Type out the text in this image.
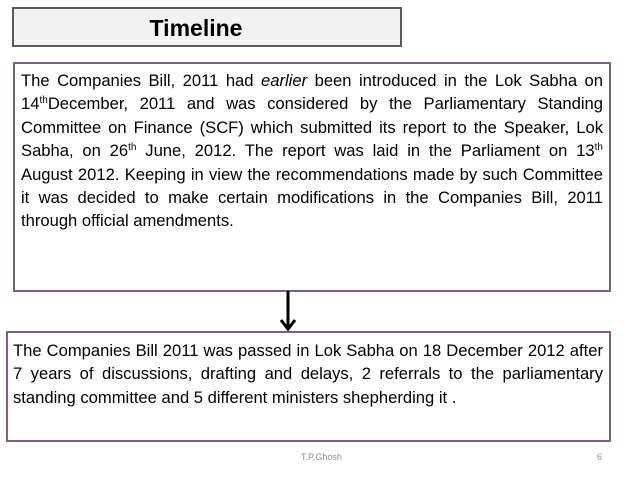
Timeline

The Companies Bill, 2011 had earlier been introduced in the Lok Sabha on 14thDecember, 2011 and was considered by the Parliamentary Standing Committee on Finance (SCF) which submitted its report to the Speaker, Lok Sabha, on 26th June, 2012. The report was laid in the Parliament on 13th August 2012. Keeping in view the recommendations made by such Committee it was decided to make certain modifications in the Companies Bill, 2011 through official amendments.

The Companies Bill 2011 was passed in Lok Sabha on 18 December 2012 after 7 years of discussions, drafting and delays, 2 referrals to the parliamentary standing committee and 5 different ministers shepherding it .

T.P.Ghosh	6
